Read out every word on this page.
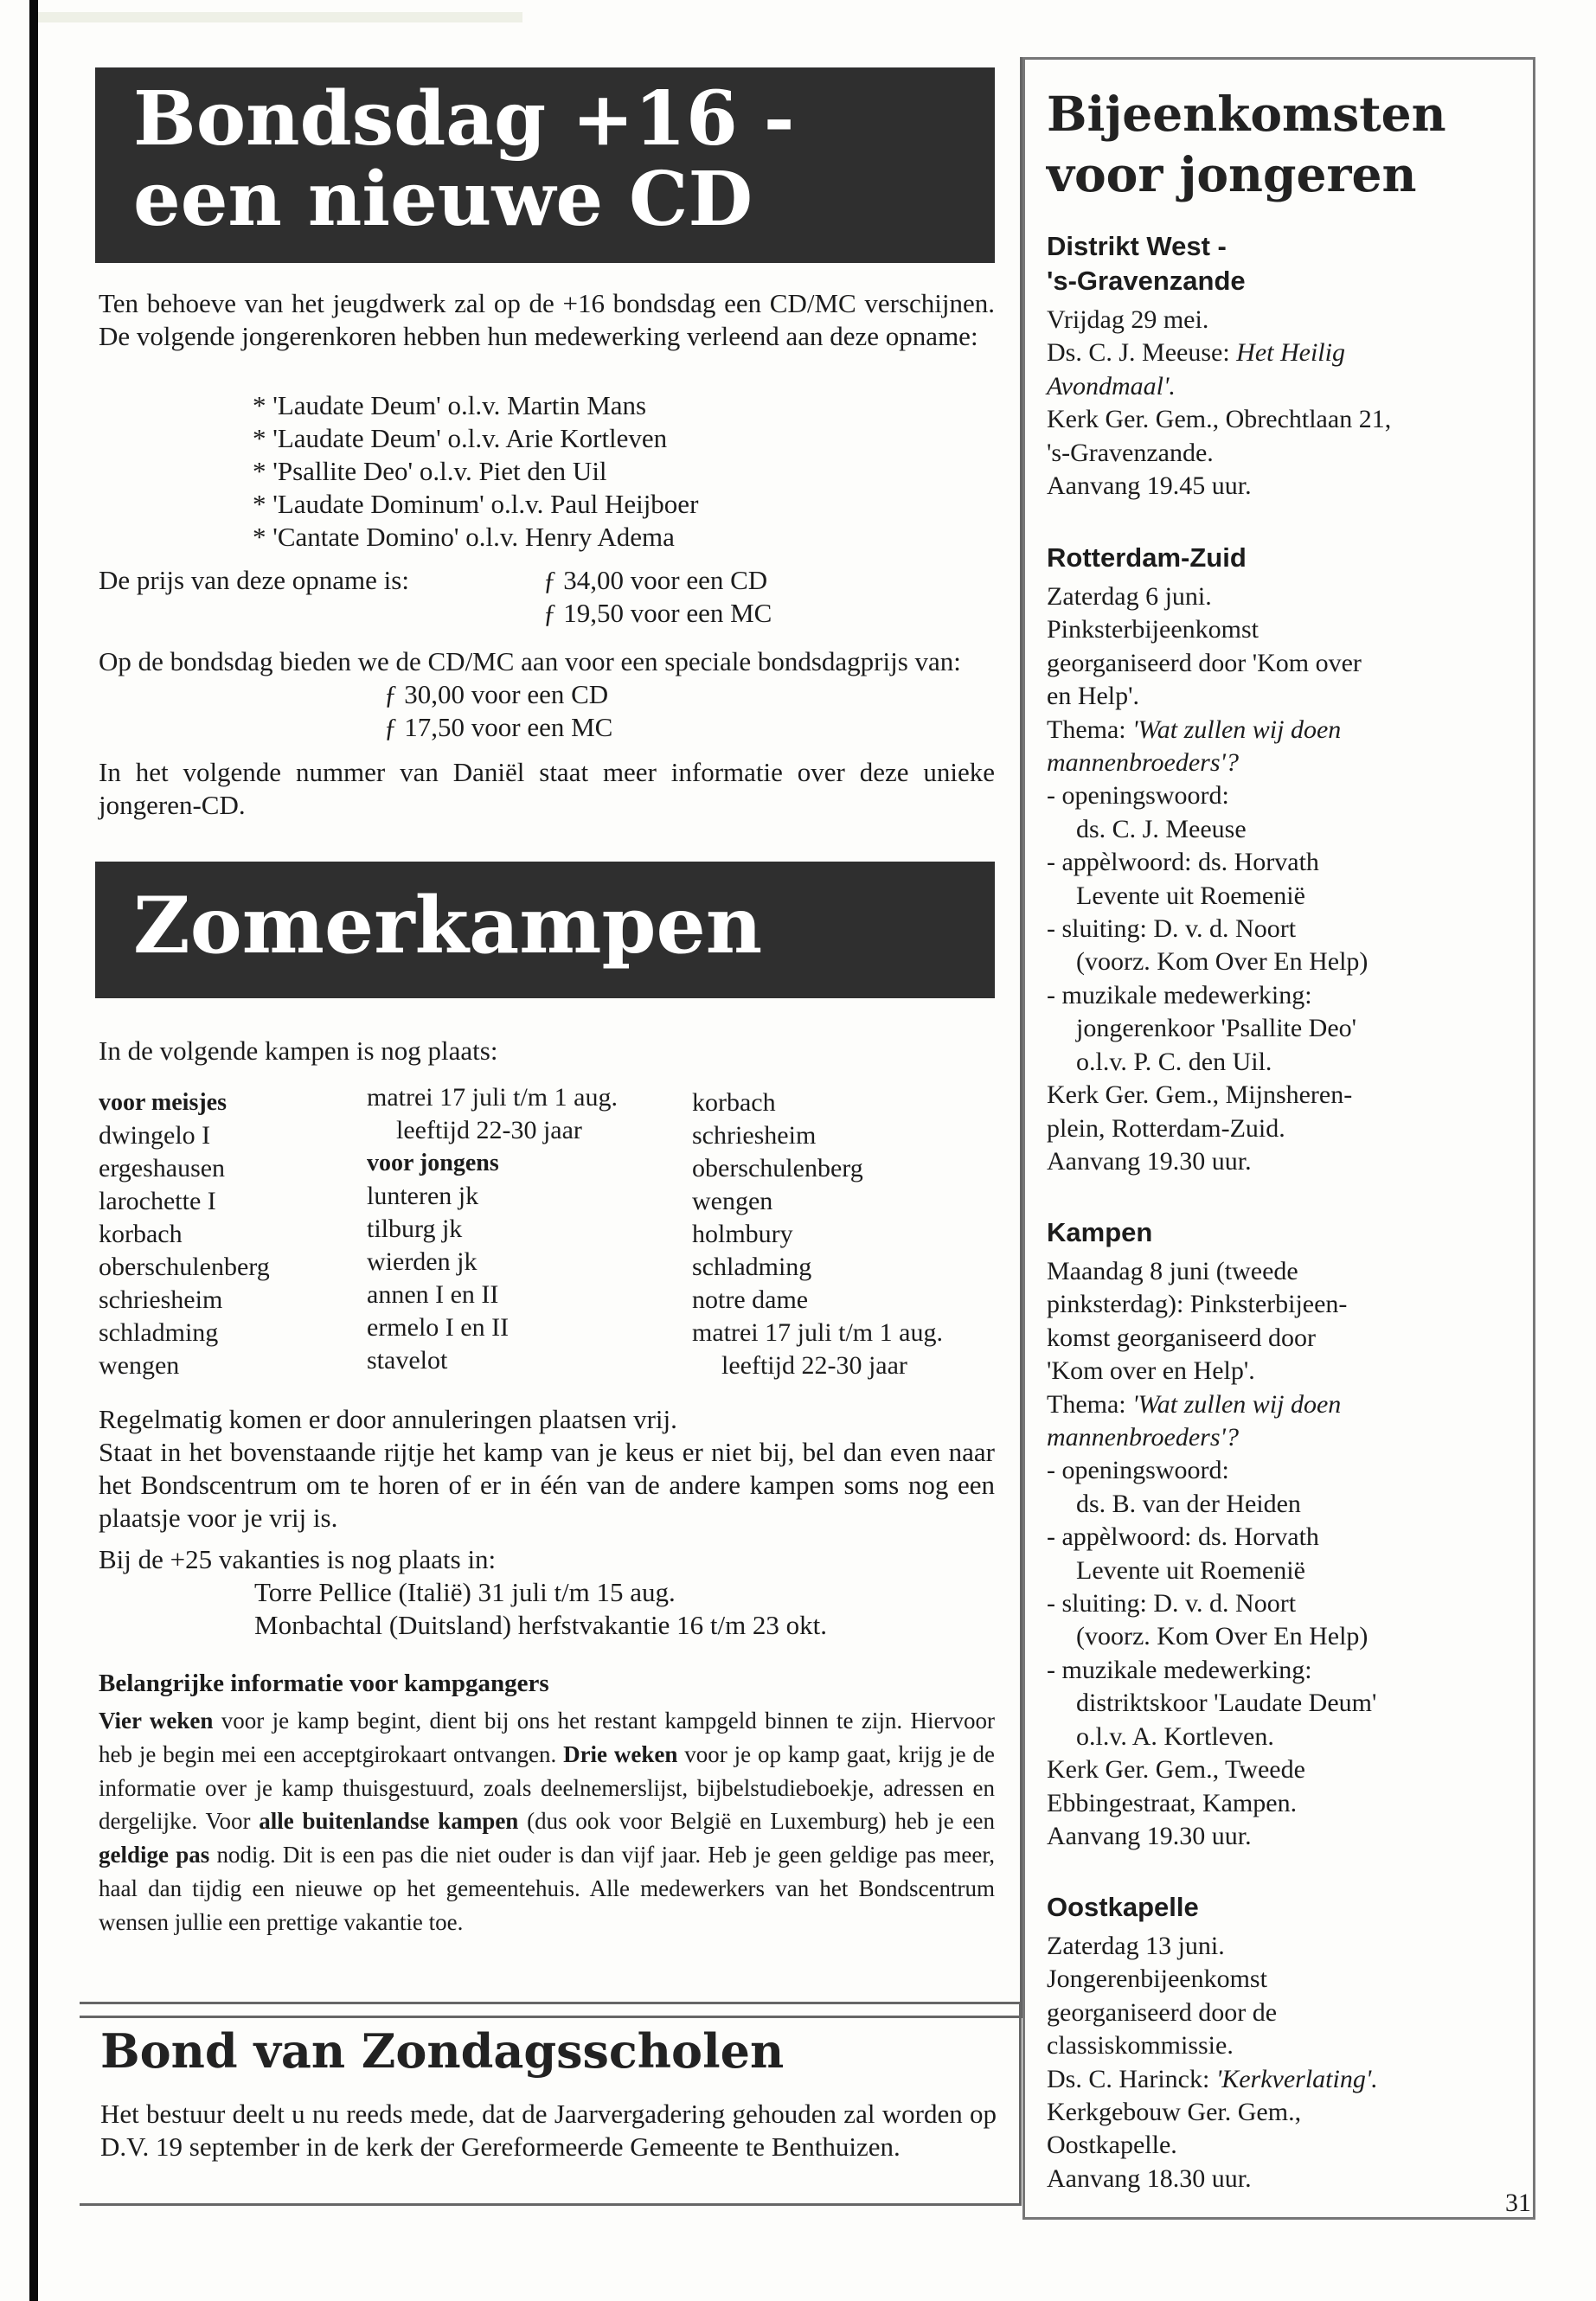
Bondsdag +16 -
een nieuwe CD

Ten behoeve van het jeugdwerk zal op de +16 bondsdag een CD/MC verschijnen. De volgende jongerenkoren hebben hun medewerking verleend aan deze opname:

* 'Laudate Deum' o.l.v. Martin Mans
* 'Laudate Deum' o.l.v. Arie Kortleven
* 'Psallite Deo' o.l.v. Piet den Uil
* 'Laudate Dominum' o.l.v. Paul Heijboer
* 'Cantate Domino' o.l.v. Henry Adema
De prijs van deze opname is:	ƒ 34,00 voor een CD
ƒ 19,50 voor een MC

Op de bondsdag bieden we de CD/MC aan voor een speciale bondsdagprijs van:

ƒ 30,00 voor een CD
ƒ 17,50 voor een MC

In het volgende nummer van Daniël staat meer informatie over deze unieke jongeren-CD.

Zomerkampen

In de volgende kampen is nog plaats:

voor meisjes
dwingelo I
ergeshausen
larochette I
korbach
oberschulenberg
schriesheim
schladming
wengen
matrei 17 juli t/m 1 aug.
leeftijd 22-30 jaar
voor jongens
lunteren jk
tilburg jk
wierden jk
annen I en II
ermelo I en II
stavelot
korbach
schriesheim
oberschulenberg
wengen
holmbury
schladming
notre dame
matrei 17 juli t/m 1 aug.
leeftijd 22-30 jaar

Regelmatig komen er door annuleringen plaatsen vrij.

Staat in het bovenstaande rijtje het kamp van je keus er niet bij, bel dan even naar het Bondscentrum om te horen of er in één van de andere kampen soms nog een plaatsje voor je vrij is.

Bij de +25 vakanties is nog plaats in:

Torre Pellice (Italië) 31 juli t/m 15 aug.

Monbachtal (Duitsland) herfstvakantie 16 t/m 23 okt.

Belangrijke informatie voor kampgangers

Vier weken voor je kamp begint, dient bij ons het restant kampgeld binnen te zijn. Hiervoor heb je begin mei een acceptgirokaart ontvangen. Drie weken voor je op kamp gaat, krijg je de informatie over je kamp thuisgestuurd, zoals deelnemerslijst, bijbelstudieboekje, adressen en dergelijke. Voor alle buitenlandse kampen (dus ook voor België en Luxemburg) heb je een geldige pas nodig. Dit is een pas die niet ouder is dan vijf jaar. Heb je geen geldige pas meer, haal dan tijdig een nieuwe op het gemeentehuis. Alle medewerkers van het Bondscentrum wensen jullie een prettige vakantie toe.

Bond van Zondagsscholen

Het bestuur deelt u nu reeds mede, dat de Jaarvergadering gehouden zal worden op D.V. 19 september in de kerk der Gereformeerde Gemeente te Benthuizen.

Bijeenkomsten
voor jongeren
Distrikt West -
's-Gravenzande
Vrijdag 29 mei.
Ds. C. J. Meeuse: Het Heilig
Avondmaal'.
Kerk Ger. Gem., Obrechtlaan 21,
's-Gravenzande.
Aanvang 19.45 uur.
Rotterdam-Zuid
Zaterdag 6 juni.
Pinksterbijeenkomst
georganiseerd door 'Kom over
en Help'.
Thema: 'Wat zullen wij doen
mannenbroeders'?
- openingswoord:
ds. C. J. Meeuse
- appèlwoord: ds. Horvath
Levente uit Roemenië
- sluiting: D. v. d. Noort
(voorz. Kom Over En Help)
- muzikale medewerking:
jongerenkoor 'Psallite Deo'
o.l.v. P. C. den Uil.
Kerk Ger. Gem., Mijnsheren-
plein, Rotterdam-Zuid.
Aanvang 19.30 uur.
Kampen
Maandag 8 juni (tweede
pinksterdag): Pinksterbijeen-
komst georganiseerd door
'Kom over en Help'.
Thema: 'Wat zullen wij doen
mannenbroeders'?
- openingswoord:
ds. B. van der Heiden
- appèlwoord: ds. Horvath
Levente uit Roemenië
- sluiting: D. v. d. Noort
(voorz. Kom Over En Help)
- muzikale medewerking:
distriktskoor 'Laudate Deum'
o.l.v. A. Kortleven.
Kerk Ger. Gem., Tweede
Ebbingestraat, Kampen.
Aanvang 19.30 uur.
Oostkapelle
Zaterdag 13 juni.
Jongerenbijeenkomst
georganiseerd door de
classiskommissie.
Ds. C. Harinck: 'Kerkverlating'.
Kerkgebouw Ger. Gem.,
Oostkapelle.
Aanvang 18.30 uur.
31
